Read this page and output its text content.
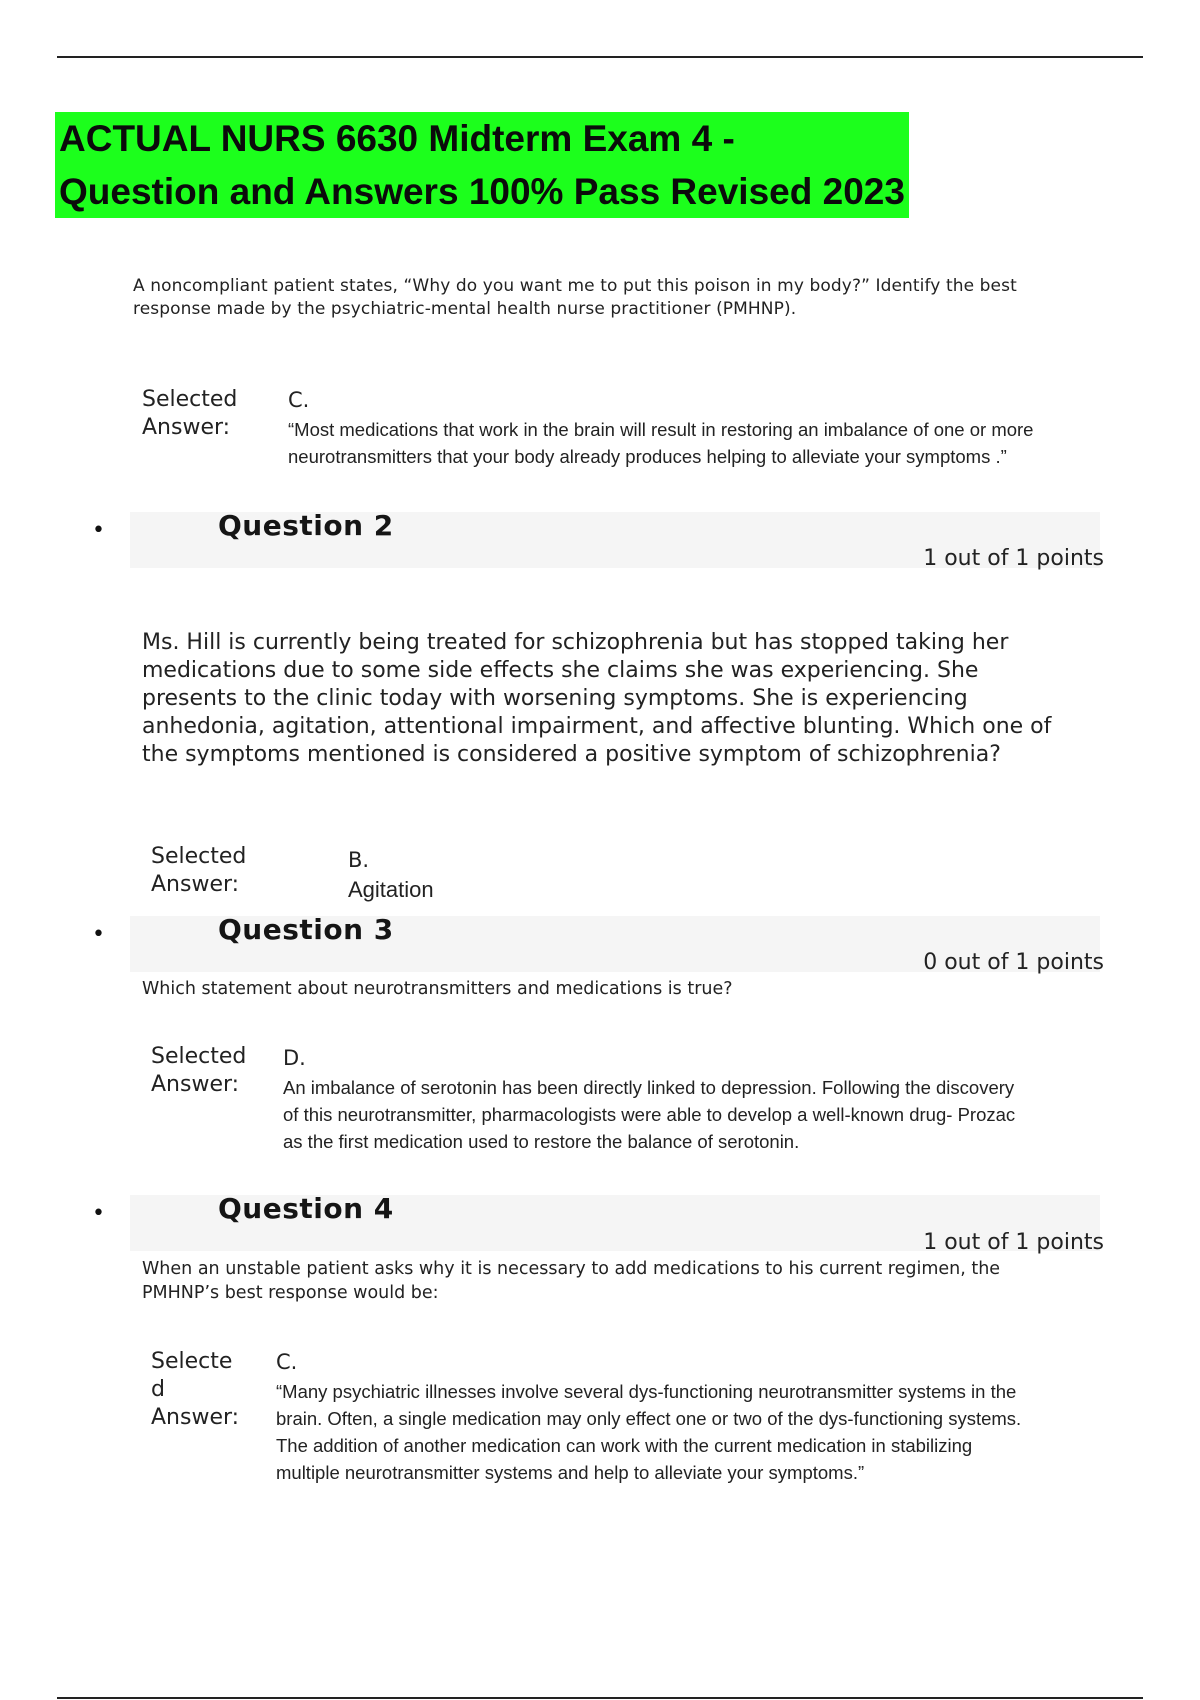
ACTUAL NURS 6630 Midterm Exam 4 -
Question and Answers 100% Pass Revised 2023
A noncompliant patient states, “Why do you want me to put this poison in my body?” Identify the best response made by the psychiatric-mental health nurse practitioner (PMHNP).
Selected Answer:
C.
“Most medications that work in the brain will result in restoring an imbalance of one or more neurotransmitters that your body already produces helping to alleviate your symptoms .”
•	Question 2
1 out of 1 points
Ms. Hill is currently being treated for schizophrenia but has stopped taking her medications due to some side effects she claims she was experiencing. She presents to the clinic today with worsening symptoms. She is experiencing anhedonia, agitation, attentional impairment, and affective blunting. Which one of the symptoms mentioned is considered a positive symptom of schizophrenia?
Selected Answer:
B.
Agitation
•	Question 3
0 out of 1 points
Which statement about neurotransmitters and medications is true?
Selected Answer:
D.
An imbalance of serotonin has been directly linked to depression. Following the discovery of this neurotransmitter, pharmacologists were able to develop a well-known drug- Prozac as the first medication used to restore the balance of serotonin.
•	Question 4
1 out of 1 points
When an unstable patient asks why it is necessary to add medications to his current regimen, the PMHNP’s best response would be:
Selecte d Answer:
C.
“Many psychiatric illnesses involve several dys-functioning neurotransmitter systems in the brain. Often, a single medication may only effect one or two of the dys-functioning systems. The addition of another medication can work with the current medication in stabilizing multiple neurotransmitter systems and help to alleviate your symptoms.”
